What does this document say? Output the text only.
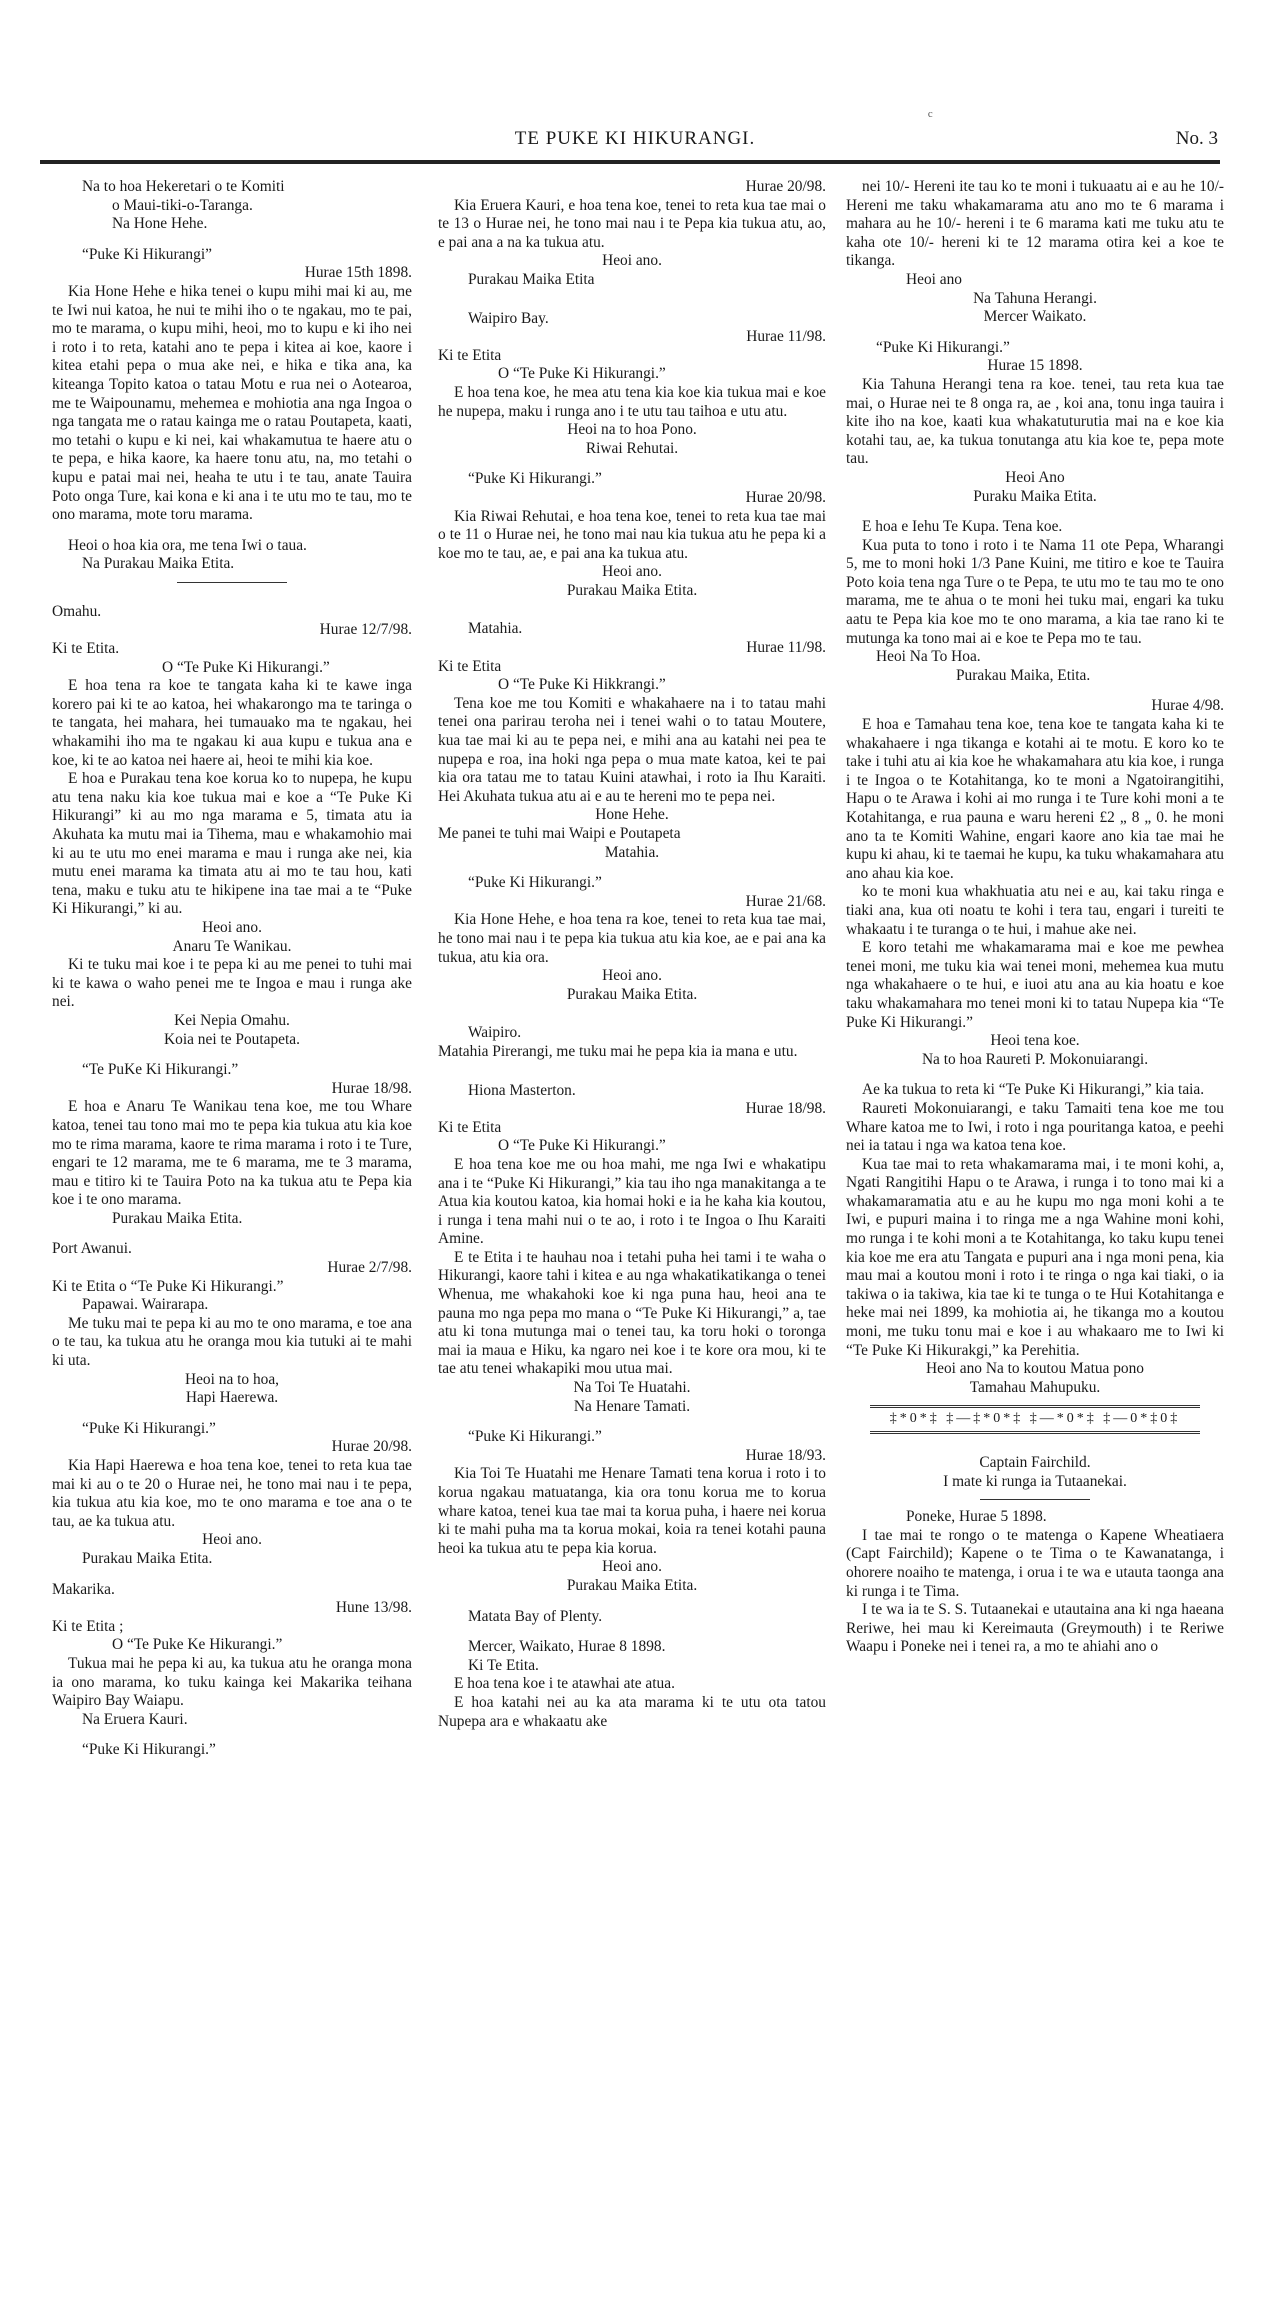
ᶜ
TE PUKE KI HIKURANGI.	No. 3
Na to hoa Hekeretari o te Komiti
o Maui-tiki-o-Taranga.
Na Hone Hehe.
“Puke Ki Hikurangi”
Hurae 15th 1898.
Kia Hone Hehe e hika tenei o kupu mihi mai ki au, me te Iwi nui katoa, he nui te mihi iho o te ngakau, mo te pai, mo te marama, o kupu mihi, heoi, mo to kupu e ki iho nei i roto i to reta, katahi ano te pepa i kitea ai koe, kaore i kitea etahi pepa o mua ake nei, e hika e tika ana, ka kiteanga Topito katoa o tatau Motu e rua nei o Aotearoa, me te Waipounamu, mehemea e mohiotia ana nga Ingoa o nga tangata me o ratau kainga me o ratau Poutapeta, kaati, mo tetahi o kupu e ki nei, kai whakamutua te haere atu o te pepa, e hika kaore, ka haere tonu atu, na, mo tetahi o kupu e patai mai nei, heaha te utu i te tau, anate Tauira Poto onga Ture, kai kona e ki ana i te utu mo te tau, mo te ono marama, mote toru marama.
Heoi o hoa kia ora, me tena Iwi o taua.
Na Purakau Maika Etita.
Omahu.
Hurae 12/7/98.
Ki te Etita.
O “Te Puke Ki Hikurangi.”
E hoa tena ra koe te tangata kaha ki te kawe inga korero pai ki te ao katoa, hei whakarongo ma te taringa o te tangata, hei mahara, hei tumauako ma te ngakau, hei whakamihi iho ma te ngakau ki aua kupu e tukua ana e koe, ki te ao katoa nei haere ai, heoi te mihi kia koe.
E hoa e Purakau tena koe korua ko to nupepa, he kupu atu tena naku kia koe tukua mai e koe a “Te Puke Ki Hikurangi” ki au mo nga marama e 5, timata atu ia Akuhata ka mutu mai ia Tihema, mau e whakamohio mai ki au te utu mo enei marama e mau i runga ake nei, kia mutu enei marama ka timata atu ai mo te tau hou, kati tena, maku e tuku atu te hikipene ina tae mai a te “Puke Ki Hikurangi,” ki au.
Heoi ano.
Anaru Te Wanikau.
Ki te tuku mai koe i te pepa ki au me penei to tuhi mai ki te kawa o waho penei me te Ingoa e mau i runga ake nei.
Kei Nepia Omahu.
Koia nei te Poutapeta.
“Te PuKe Ki Hikurangi.”
Hurae 18/98.
E hoa e Anaru Te Wanikau tena koe, me tou Whare katoa, tenei tau tono mai mo te pepa kia tukua atu kia koe mo te rima marama, kaore te rima marama i roto i te Ture, engari te 12 marama, me te 6 marama, me te 3 marama, mau e titiro ki te Tauira Poto na ka tukua atu te Pepa kia koe i te ono marama.
Purakau Maika Etita.
Port Awanui.
Hurae 2/7/98.
Ki te Etita o “Te Puke Ki Hikurangi.”
Papawai. Wairarapa.
Me tuku mai te pepa ki au mo te ono marama, e toe ana o te tau, ka tukua atu he oranga mou kia tutuki ai te mahi ki uta.
Heoi na to hoa,
Hapi Haerewa.
“Puke Ki Hikurangi.”
Hurae 20/98.
Kia Hapi Haerewa e hoa tena koe, tenei to reta kua tae mai ki au o te 20 o Hurae nei, he tono mai nau i te pepa, kia tukua atu kia koe, mo te ono marama e toe ana o te tau, ae ka tukua atu.
Heoi ano.
Purakau Maika Etita.
Makarika.
Hune 13/98.
Ki te Etita ;
O “Te Puke Ke Hikurangi.”
Tukua mai he pepa ki au, ka tukua atu he oranga mona ia ono marama, ko tuku kainga kei Makarika teihana Waipiro Bay Waiapu.
Na Eruera Kauri.
“Puke Ki Hikurangi.”
Hurae 20/98.
Kia Eruera Kauri, e hoa tena koe, tenei to reta kua tae mai o te 13 o Hurae nei, he tono mai nau i te Pepa kia tukua atu, ao, e pai ana a na ka tukua atu.
Heoi ano.
Purakau Maika Etita
Waipiro Bay.
Hurae 11/98.
Ki te Etita
O “Te Puke Ki Hikurangi.”
E hoa tena koe, he mea atu tena kia koe kia tukua mai e koe he nupepa, maku i runga ano i te utu tau taihoa e utu atu.
Heoi na to hoa Pono.
Riwai Rehutai.
“Puke Ki Hikurangi.”
Hurae 20/98.
Kia Riwai Rehutai, e hoa tena koe, tenei to reta kua tae mai o te 11 o Hurae nei, he tono mai nau kia tukua atu he pepa ki a koe mo te tau, ae, e pai ana ka tukua atu.
Heoi ano.
Purakau Maika Etita.
Matahia.
Hurae 11/98.
Ki te Etita
O “Te Puke Ki Hikkrangi.”
Tena koe me tou Komiti e whakahaere na i to tatau mahi tenei ona parirau teroha nei i tenei wahi o to tatau Moutere, kua tae mai ki au te pepa nei, e mihi ana au katahi nei pea te nupepa e roa, ina hoki nga pepa o mua mate katoa, kei te pai kia ora tatau me to tatau Kuini atawhai, i roto ia Ihu Karaiti. Hei Akuhata tukua atu ai e au te hereni mo te pepa nei.
Hone Hehe.
Me panei te tuhi mai Waipi e Poutapeta
Matahia.
“Puke Ki Hikurangi.”
Hurae 21/68.
Kia Hone Hehe, e hoa tena ra koe, tenei to reta kua tae mai, he tono mai nau i te pepa kia tukua atu kia koe, ae e pai ana ka tukua, atu kia ora.
Heoi ano.
Purakau Maika Etita.
Waipiro.
Matahia Pirerangi, me tuku mai he pepa kia ia mana e utu.
Hiona Masterton.
Hurae 18/98.
Ki te Etita
O “Te Puke Ki Hikurangi.”
E hoa tena koe me ou hoa mahi, me nga Iwi e whakatipu ana i te “Puke Ki Hikurangi,” kia tau iho nga manakitanga a te Atua kia koutou katoa, kia homai hoki e ia he kaha kia koutou, i runga i tena mahi nui o te ao, i roto i te Ingoa o Ihu Karaiti Amine.
E te Etita i te hauhau noa i tetahi puha hei tami i te waha o Hikurangi, kaore tahi i kitea e au nga whakatikatikanga o tenei Whenua, me whakahoki koe ki nga puna hau, heoi ana te pauna mo nga pepa mo mana o “Te Puke Ki Hikurangi,” a, tae atu ki tona mutunga mai o tenei tau, ka toru hoki o toronga mai ia maua e Hiku, ka ngaro nei koe i te kore ora mou, ki te tae atu tenei whakapiki mou utua mai.
Na Toi Te Huatahi.
Na Henare Tamati.
“Puke Ki Hikurangi.”
Hurae 18/93.
Kia Toi Te Huatahi me Henare Tamati tena korua i roto i to korua ngakau matuatanga, kia ora tonu korua me to korua whare katoa, tenei kua tae mai ta korua puha, i haere nei korua ki te mahi puha ma ta korua mokai, koia ra tenei kotahi pauna heoi ka tukua atu te pepa kia korua.
Heoi ano.
Purakau Maika Etita.
Matata Bay of Plenty.
Mercer, Waikato, Hurae 8 1898.
Ki Te Etita.
E hoa tena koe i te atawhai ate atua.
E hoa katahi nei au ka ata marama ki te utu ota tatou Nupepa ara e whakaatu ake
nei 10/- Hereni ite tau ko te moni i tukuaatu ai e au he 10/- Hereni me taku whakamarama atu ano mo te 6 marama i mahara au he 10/- hereni i te 6 marama kati me tuku atu te kaha ote 10/- hereni ki te 12 marama otira kei a koe te tikanga.
Heoi ano
Na Tahuna Herangi.
Mercer Waikato.
“Puke Ki Hikurangi.”
Hurae 15 1898.
Kia Tahuna Herangi tena ra koe. tenei, tau reta kua tae mai, o Hurae nei te 8 onga ra, ae , koi ana, tonu inga tauira i kite iho na koe, kaati kua whakatuturutia mai na e koe kia kotahi tau, ae, ka tukua tonutanga atu kia koe te, pepa mote tau.
Heoi Ano
Puraku Maika Etita.
E hoa e Iehu Te Kupa. Tena koe.
Kua puta to tono i roto i te Nama 11 ote Pepa, Wharangi 5, me to moni hoki 1/3 Pane Kuini, me titiro e koe te Tauira Poto koia tena nga Ture o te Pepa, te utu mo te tau mo te ono marama, me te ahua o te moni hei tuku mai, engari ka tuku aatu te Pepa kia koe mo te ono marama, a kia tae rano ki te mutunga ka tono mai ai e koe te Pepa mo te tau.
Heoi Na To Hoa.
Purakau Maika, Etita.
Hurae 4/98.
E hoa e Tamahau tena koe, tena koe te tangata kaha ki te whakahaere i nga tikanga e kotahi ai te motu. E koro ko te take i tuhi atu ai kia koe he whakamahara atu kia koe, i runga i te Ingoa o te Kotahitanga, ko te moni a Ngatoirangitihi, Hapu o te Arawa i kohi ai mo runga i te Ture kohi moni a te Kotahitanga, e rua pauna e waru hereni £2 „ 8 „ 0. he moni ano ta te Komiti Wahine, engari kaore ano kia tae mai he kupu ki ahau, ki te taemai he kupu, ka tuku whakamahara atu ano ahau kia koe.
ko te moni kua whakhuatia atu nei e au, kai taku ringa e tiaki ana, kua oti noatu te kohi i tera tau, engari i tureiti te whakaatu i te turanga o te hui, i mahue ake nei.
E koro tetahi me whakamarama mai e koe me pewhea tenei moni, me tuku kia wai tenei moni, mehemea kua mutu nga whakahaere o te hui, e iuoi atu ana au kia hoatu e koe taku whakamahara mo tenei moni ki to tatau Nupepa kia “Te Puke Ki Hikurangi.”
Heoi tena koe.
Na to hoa Raureti P. Mokonuiarangi.
Ae ka tukua to reta ki “Te Puke Ki Hikurangi,” kia taia.
Raureti Mokonuiarangi, e taku Tamaiti tena koe me tou Whare katoa me to Iwi, i roto i nga pouritanga katoa, e peehi nei ia tatau i nga wa katoa tena koe.
Kua tae mai to reta whakamarama mai, i te moni kohi, a, Ngati Rangitihi Hapu o te Arawa, i runga i to tono mai ki a whakamaramatia atu e au he kupu mo nga moni kohi a te Iwi, e pupuri maina i to ringa me a nga Wahine moni kohi, mo runga i te kohi moni a te Kotahitanga, ko taku kupu tenei kia koe me era atu Tangata e pupuri ana i nga moni pena, kia mau mai a koutou moni i roto i te ringa o nga kai tiaki, o ia takiwa o ia takiwa, kia tae ki te tunga o te Hui Kotahitanga e heke mai nei 1899, ka mohiotia ai, he tikanga mo a koutou moni, me tuku tonu mai e koe i au whakaaro me to Iwi ki “Te Puke Ki Hikurakgi,” ka Perehitia.
Heoi ano Na to koutou Matua pono
Tamahau Mahupuku.
‡*0*‡ ‡—‡*0*‡ ‡—*0*‡ ‡—0*‡0‡
Captain Fairchild.
I mate ki runga ia Tutaanekai.
Poneke, Hurae 5 1898.
I tae mai te rongo o te matenga o Kapene Wheatiaera (Capt Fairchild); Kapene o te Tima o te Kawanatanga, i ohorere noaiho te matenga, i orua i te wa e utauta taonga ana ki runga i te Tima.
I te wa ia te S. S. Tutaanekai e utautaina ana ki nga haeana Reriwe, hei mau ki Kereimauta (Greymouth) i te Reriwe Waapu i Poneke nei i tenei ra, a mo te ahiahi ano o
